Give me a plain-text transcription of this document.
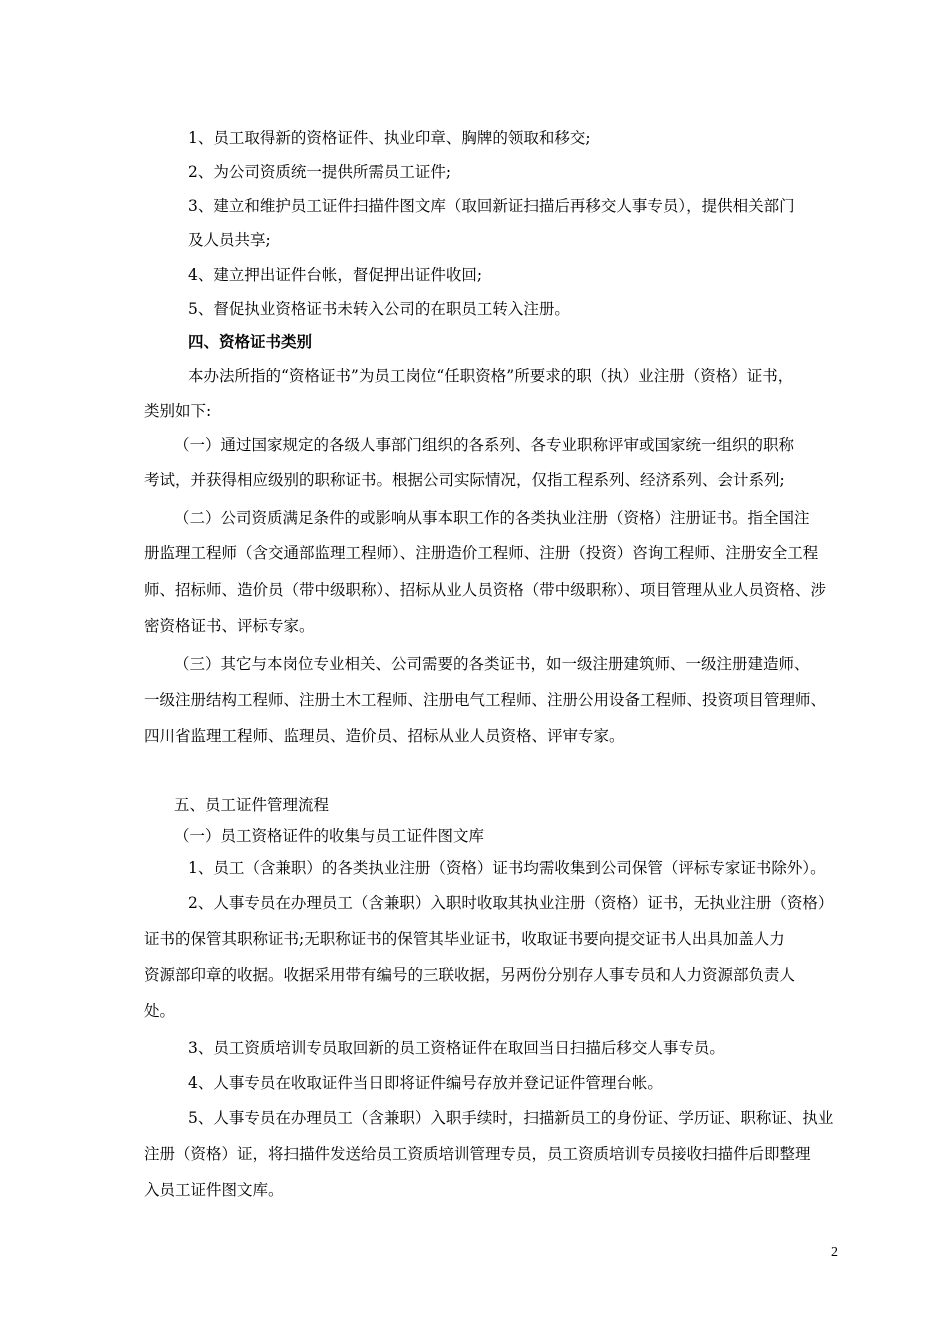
1、员工取得新的资格证件、执业印章、胸牌的领取和移交;
2、为公司资质统一提供所需员工证件;
3、建立和维护员工证件扫描件图文库（取回新证扫描后再移交人事专员），提供相关部门
及人员共享;
4、建立押出证件台帐，督促押出证件收回;
5、督促执业资格证书未转入公司的在职员工转入注册。
四、资格证书类别
本办法所指的“资格证书”为员工岗位“任职资格”所要求的职（执）业注册（资格）证书，
类别如下:
（一）通过国家规定的各级人事部门组织的各系列、各专业职称评审或国家统一组织的职称
考试，并获得相应级别的职称证书。根据公司实际情况，仅指工程系列、经济系列、会计系列;
（二）公司资质满足条件的或影响从事本职工作的各类执业注册（资格）注册证书。指全国注
册监理工程师（含交通部监理工程师）、注册造价工程师、注册（投资）咨询工程师、注册安全工程
师、招标师、造价员（带中级职称）、招标从业人员资格（带中级职称）、项目管理从业人员资格、涉
密资格证书、评标专家。
（三）其它与本岗位专业相关、公司需要的各类证书，如一级注册建筑师、一级注册建造师、
一级注册结构工程师、注册土木工程师、注册电气工程师、注册公用设备工程师、投资项目管理师、
四川省监理工程师、监理员、造价员、招标从业人员资格、评审专家。
五、员工证件管理流程
（一）员工资格证件的收集与员工证件图文库
1、员工（含兼职）的各类执业注册（资格）证书均需收集到公司保管（评标专家证书除外）。
2、人事专员在办理员工（含兼职）入职时收取其执业注册（资格）证书，无执业注册（资格）
证书的保管其职称证书;无职称证书的保管其毕业证书，收取证书要向提交证书人出具加盖人力
资源部印章的收据。收据采用带有编号的三联收据，另两份分别存人事专员和人力资源部负责人
处。
3、员工资质培训专员取回新的员工资格证件在取回当日扫描后移交人事专员。
4、人事专员在收取证件当日即将证件编号存放并登记证件管理台帐。
5、人事专员在办理员工（含兼职）入职手续时，扫描新员工的身份证、学历证、职称证、执业
注册（资格）证，将扫描件发送给员工资质培训管理专员，员工资质培训专员接收扫描件后即整理
入员工证件图文库。
2
